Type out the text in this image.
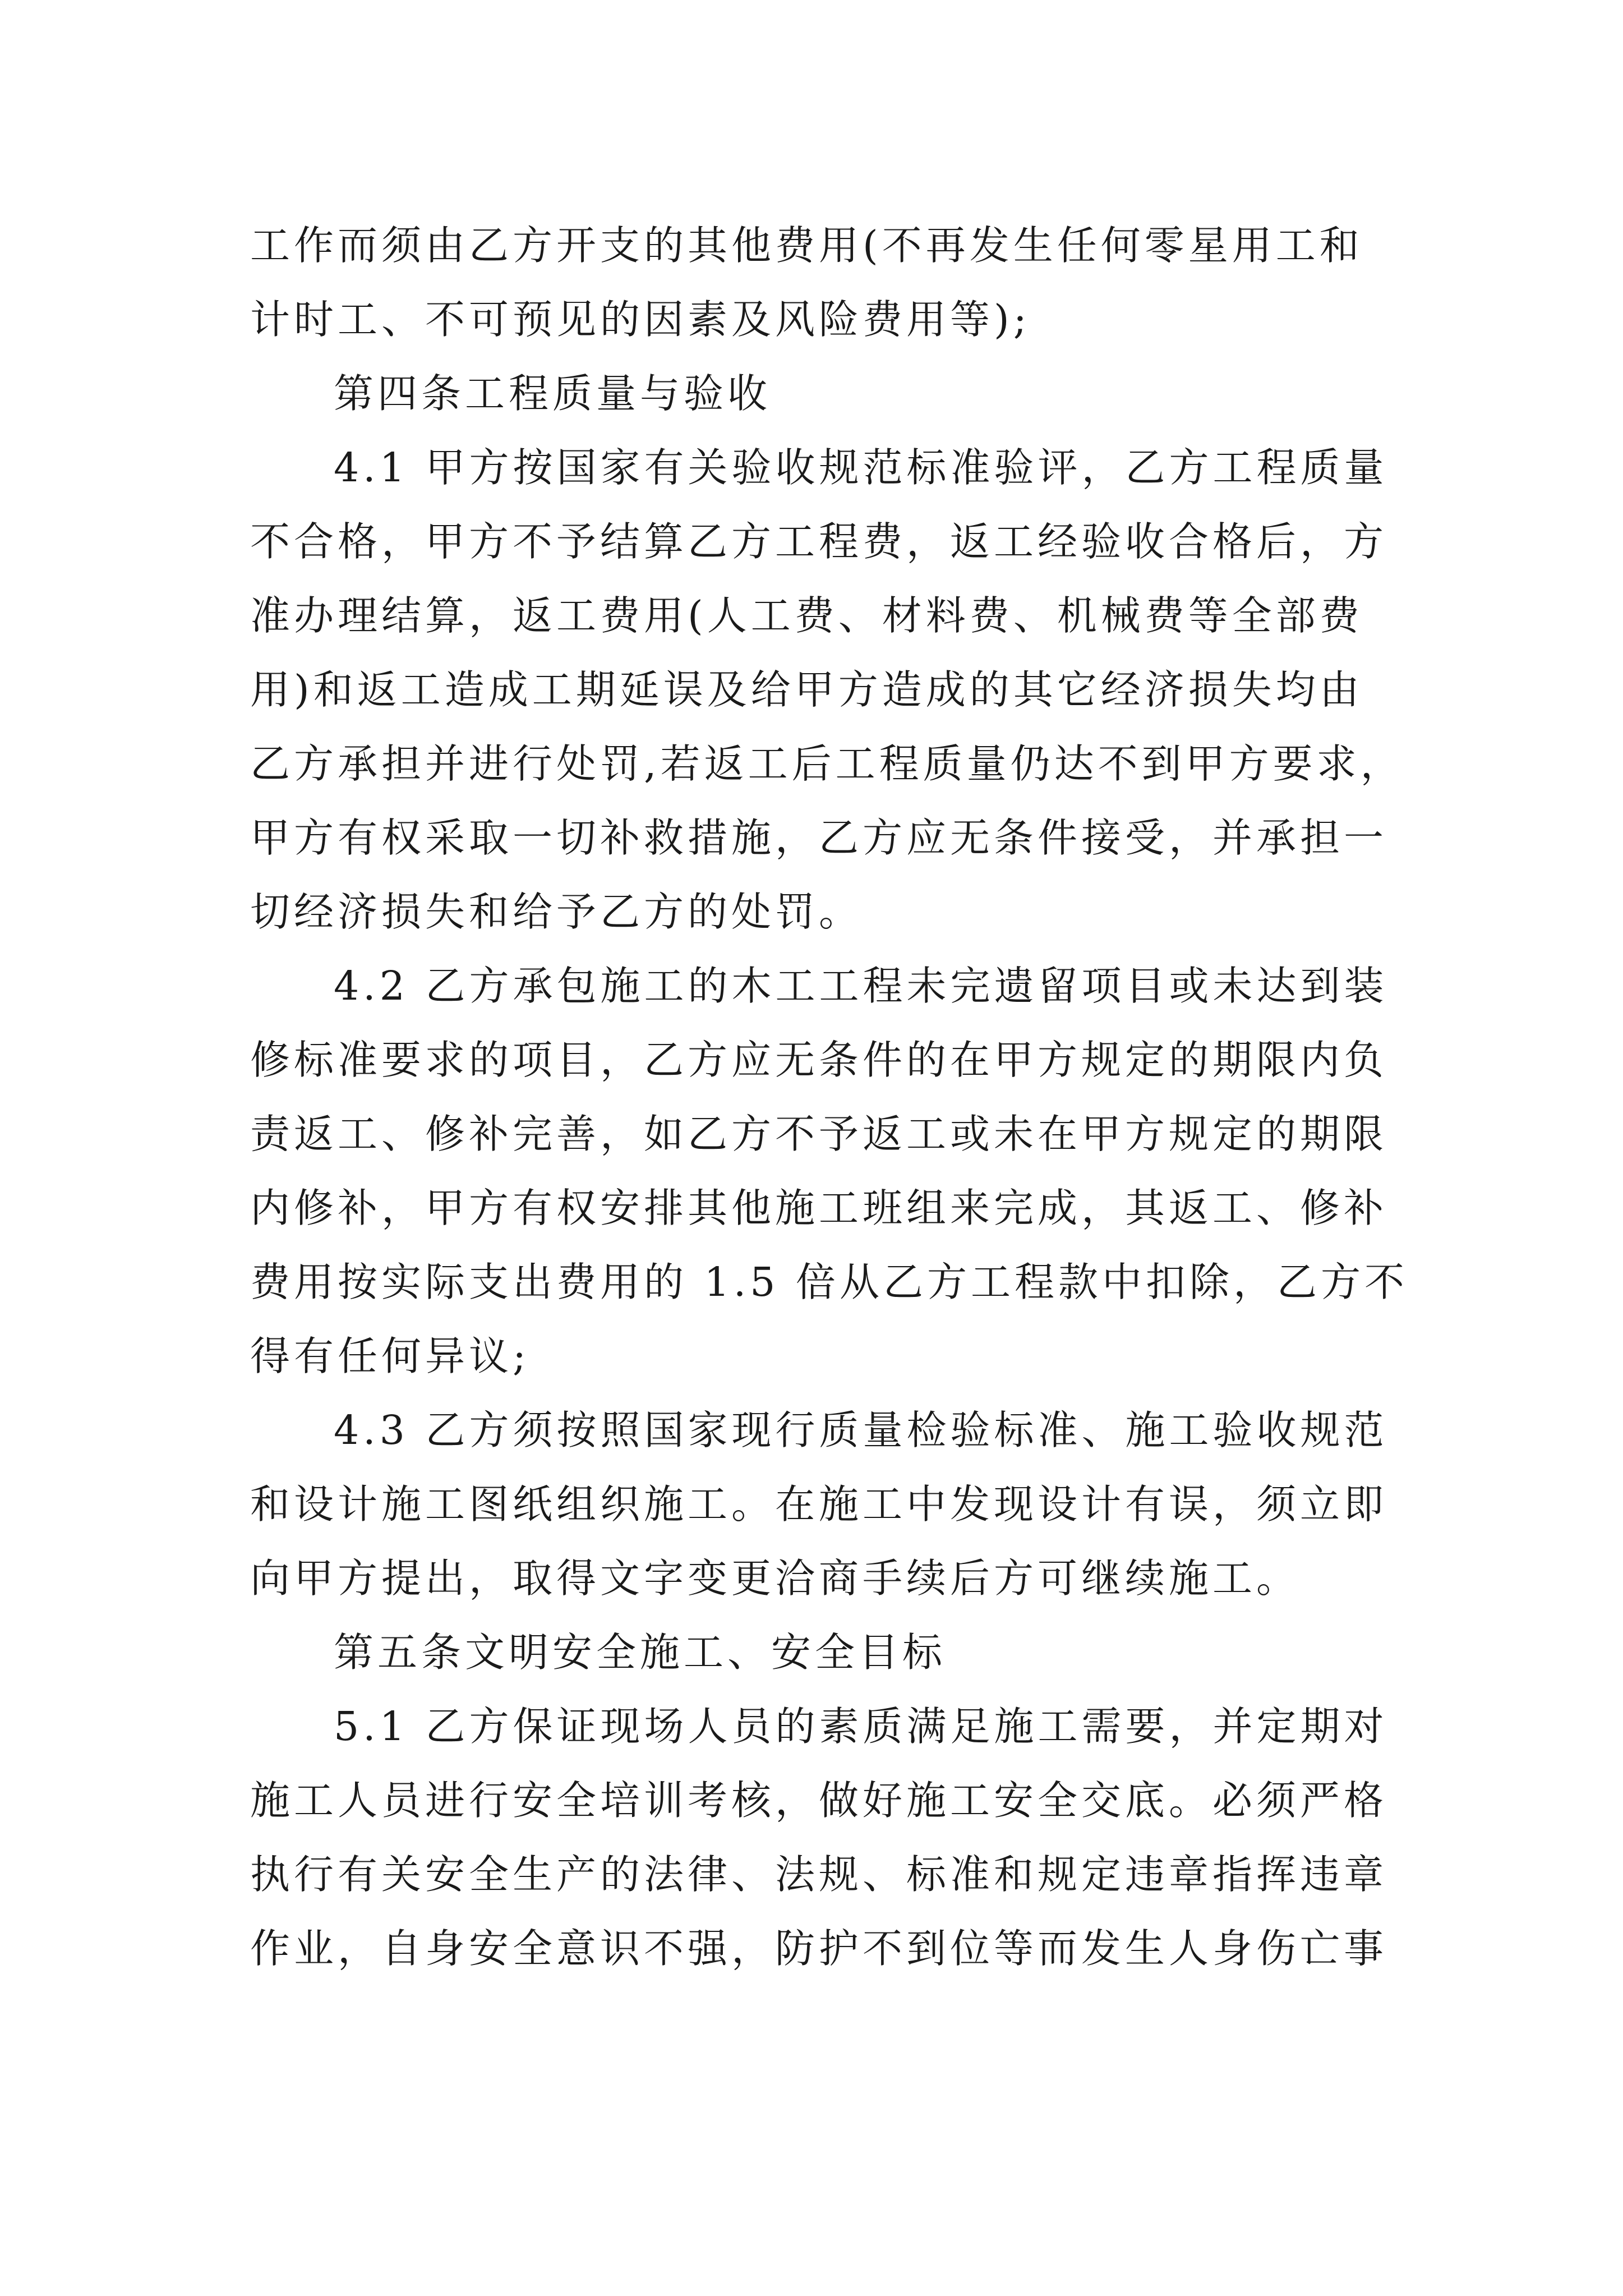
工作而须由乙方开支的其他费用(不再发生任何零星用工和
计时工、不可预见的因素及风险费用等);
第四条工程质量与验收
4.1 甲方按国家有关验收规范标准验评，乙方工程质量
不合格，甲方不予结算乙方工程费，返工经验收合格后，方
准办理结算，返工费用(人工费、材料费、机械费等全部费
用)和返工造成工期延误及给甲方造成的其它经济损失均由
乙方承担并进行处罚,若返工后工程质量仍达不到甲方要求，
甲方有权采取一切补救措施，乙方应无条件接受，并承担一
切经济损失和给予乙方的处罚。
4.2 乙方承包施工的木工工程未完遗留项目或未达到装
修标准要求的项目，乙方应无条件的在甲方规定的期限内负
责返工、修补完善，如乙方不予返工或未在甲方规定的期限
内修补，甲方有权安排其他施工班组来完成，其返工、修补
费用按实际支出费用的 1.5 倍从乙方工程款中扣除，乙方不
得有任何异议;
4.3 乙方须按照国家现行质量检验标准、施工验收规范
和设计施工图纸组织施工。在施工中发现设计有误，须立即
向甲方提出，取得文字变更洽商手续后方可继续施工。
第五条文明安全施工、安全目标
5.1 乙方保证现场人员的素质满足施工需要，并定期对
施工人员进行安全培训考核，做好施工安全交底。必须严格
执行有关安全生产的法律、法规、标准和规定违章指挥违章
作业，自身安全意识不强，防护不到位等而发生人身伤亡事
